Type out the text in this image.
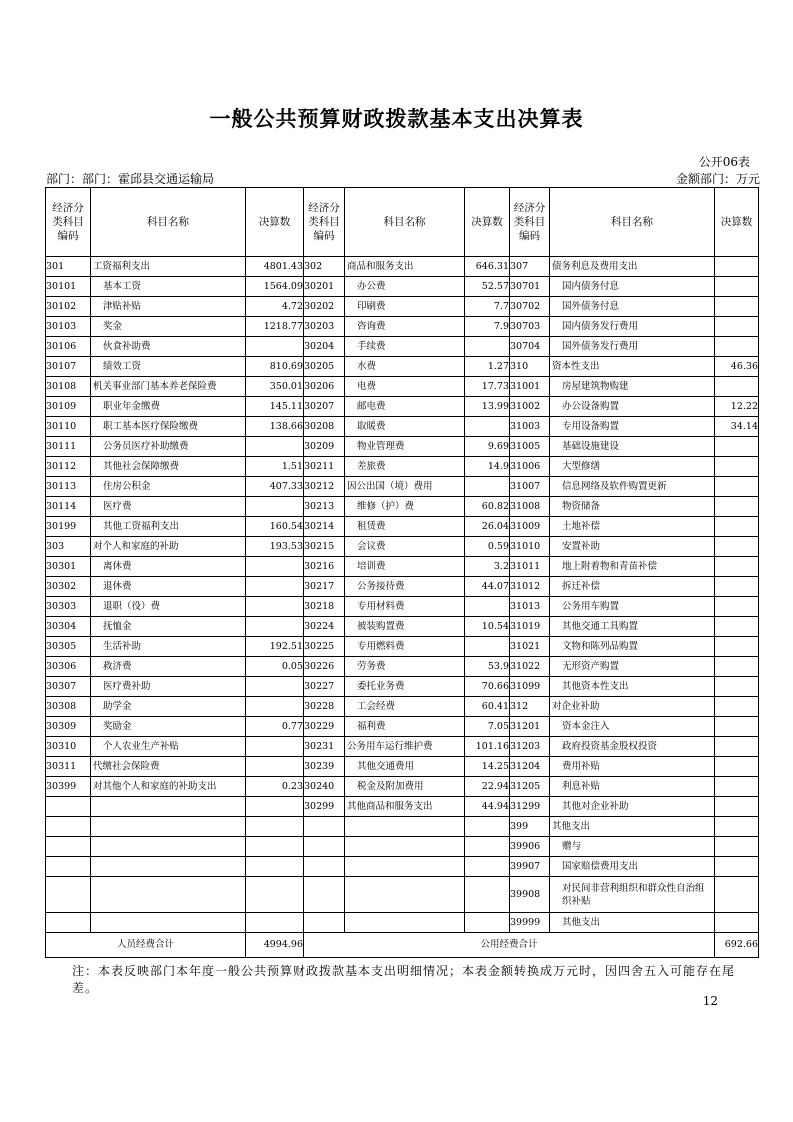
一般公共预算财政拨款基本支出决算表
公开06表
部门：部门：霍邱县交通运输局	金额部门：万元
经济分类科目编码	科目名称	决算数	经济分类科目编码	科目名称	决算数	经济分类科目编码	科目名称	决算数
301	工资福利支出	4801.43	302	商品和服务支出	646.31	307	债务利息及费用支出	
30101	基本工资	1564.09	30201	办公费	52.57	30701	国内债务付息	
30102	津贴补贴	4.72	30202	印刷费	7.7	30702	国外债务付息	
30103	奖金	1218.77	30203	咨询费	7.9	30703	国内债务发行费用	
30106	伙食补助费		30204	手续费		30704	国外债务发行费用	
30107	绩效工资	810.69	30205	水费	1.27	310	资本性支出	46.36
30108	机关事业部门基本养老保险费	350.01	30206	电费	17.73	31001	房屋建筑物购建	
30109	职业年金缴费	145.11	30207	邮电费	13.99	31002	办公设备购置	12.22
30110	职工基本医疗保险缴费	138.66	30208	取暖费		31003	专用设备购置	34.14
30111	公务员医疗补助缴费		30209	物业管理费	9.69	31005	基础设施建设	
30112	其他社会保障缴费	1.51	30211	差旅费	14.9	31006	大型修缮	
30113	住房公积金	407.33	30212	因公出国（境）费用		31007	信息网络及软件购置更新	
30114	医疗费		30213	维修（护）费	60.82	31008	物资储备	
30199	其他工资福利支出	160.54	30214	租赁费	26.04	31009	土地补偿	
303	对个人和家庭的补助	193.53	30215	会议费	0.59	31010	安置补助	
30301	离休费		30216	培训费	3.2	31011	地上附着物和青苗补偿	
30302	退休费		30217	公务接待费	44.07	31012	拆迁补偿	
30303	退职（役）费		30218	专用材料费		31013	公务用车购置	
30304	抚恤金		30224	被装购置费	10.54	31019	其他交通工具购置	
30305	生活补助	192.51	30225	专用燃料费		31021	文物和陈列品购置	
30306	救济费	0.05	30226	劳务费	53.9	31022	无形资产购置	
30307	医疗费补助		30227	委托业务费	70.66	31099	其他资本性支出	
30308	助学金		30228	工会经费	60.41	312	对企业补助	
30309	奖励金	0.77	30229	福利费	7.05	31201	资本金注入	
30310	个人农业生产补贴		30231	公务用车运行维护费	101.16	31203	政府投资基金股权投资	
30311	代缴社会保险费		30239	其他交通费用	14.25	31204	费用补贴	
30399	对其他个人和家庭的补助支出	0.23	30240	税金及附加费用	22.94	31205	利息补贴	
			30299	其他商品和服务支出	44.94	31299	其他对企业补助	
						399	其他支出	
						39906	赠与	
						39907	国家赔偿费用支出	
						39908	对民间非营利组织和群众性自治组织补贴	
						39999	其他支出	
人员经费合计		4994.96	公用经费合计					692.66
注：本表反映部门本年度一般公共预算财政拨款基本支出明细情况；本表金额转换成万元时，因四舍五入可能存在尾差。
12
